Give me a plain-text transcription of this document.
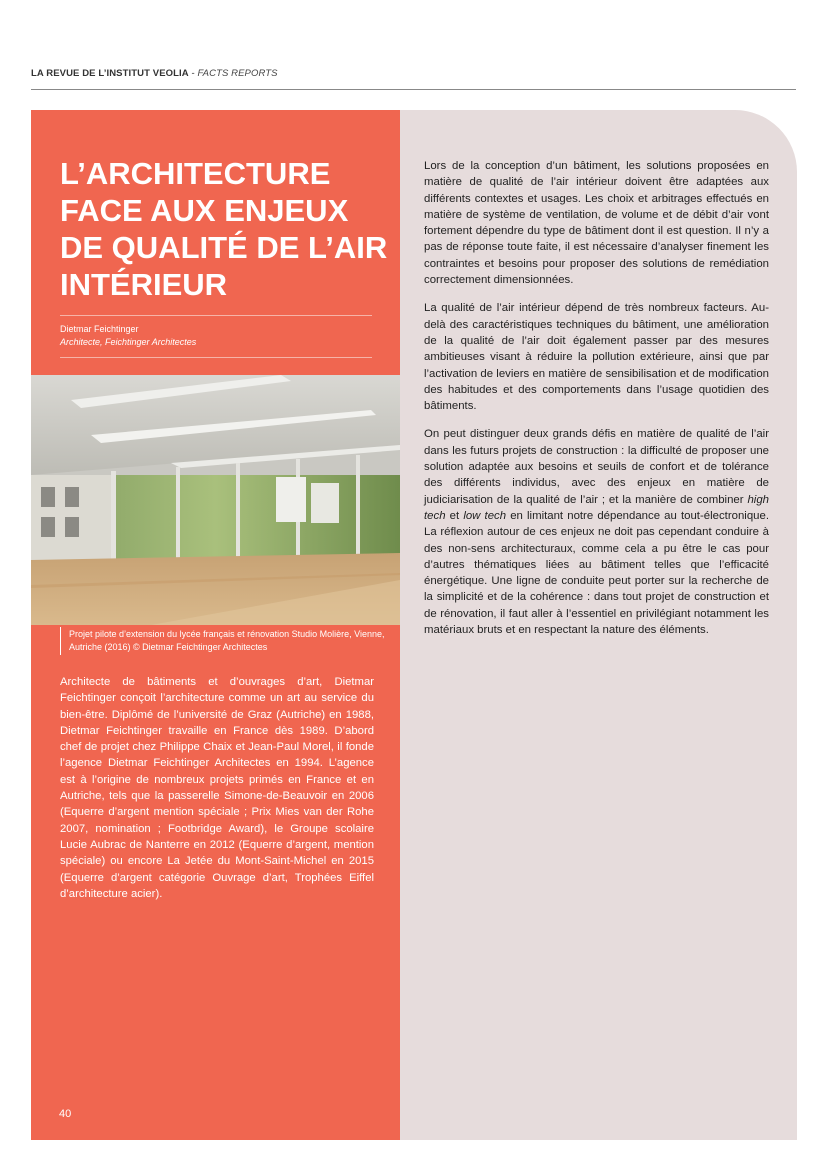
LA REVUE DE L’INSTITUT VEOLIA - FACTS REPORTS
L’ARCHITECTURE
FACE AUX ENJEUX
DE QUALITÉ DE L’AIR
INTÉRIEUR
Dietmar Feichtinger
Architecte, Feichtinger Architectes
Projet pilote d’extension du lycée français et rénovation Studio Molière, Vienne, Autriche (2016) © Dietmar Feichtinger Architectes

Architecte de bâtiments et d’ouvrages d’art, Dietmar Feichtinger conçoit l’architecture comme un art au service du bien-être. Diplômé de l’université de Graz (Autriche) en 1988, Dietmar Feichtinger travaille en France dès 1989. D’abord chef de projet chez Philippe Chaix et Jean-Paul Morel, il fonde l’agence Dietmar Feichtinger Architectes en 1994. L’agence est à l’origine de nombreux projets primés en France et en Autriche, tels que la passerelle Simone-de-Beauvoir en 2006 (Equerre d’argent mention spéciale ; Prix Mies van der Rohe 2007, nomination ; Footbridge Award), le Groupe scolaire Lucie Aubrac de Nanterre en 2012 (Equerre d’argent, mention spéciale) ou encore La Jetée du Mont-Saint-Michel en 2015 (Equerre d’argent catégorie Ouvrage d’art, Trophées Eiffel d’architecture acier).

40

Lors de la conception d’un bâtiment, les solutions proposées en matière de qualité de l’air intérieur doivent être adaptées aux différents contextes et usages. Les choix et arbitrages effectués en matière de système de ventilation, de volume et de débit d’air vont fortement dépendre du type de bâtiment dont il est question. Il n’y a pas de réponse toute faite, il est nécessaire d’analyser finement les contraintes et besoins pour proposer des solutions de remédiation correctement dimensionnées.

La qualité de l’air intérieur dépend de très nombreux facteurs. Au-delà des caractéristiques techniques du bâtiment, une amélioration de la qualité de l’air doit également passer par des mesures ambitieuses visant à réduire la pollution extérieure, ainsi que par l’activation de leviers en matière de sensibilisation et de modification des habitudes et des comportements dans l’usage quotidien des bâtiments.

On peut distinguer deux grands défis en matière de qualité de l’air dans les futurs projets de construction : la difficulté de proposer une solution adaptée aux besoins et seuils de confort et de tolérance des différents individus, avec des enjeux en matière de judiciarisation de la qualité de l’air ; et la manière de combiner high tech et low tech en limitant notre dépendance au tout-électronique. La réflexion autour de ces enjeux ne doit pas cependant conduire à des non-sens architecturaux, comme cela a pu être le cas pour d’autres thématiques liées au bâtiment telles que l’efficacité énergétique. Une ligne de conduite peut porter sur la recherche de la simplicité et de la cohérence : dans tout projet de construction et de rénovation, il faut aller à l’essentiel en privilégiant notamment les matériaux bruts et en respectant la nature des éléments.
